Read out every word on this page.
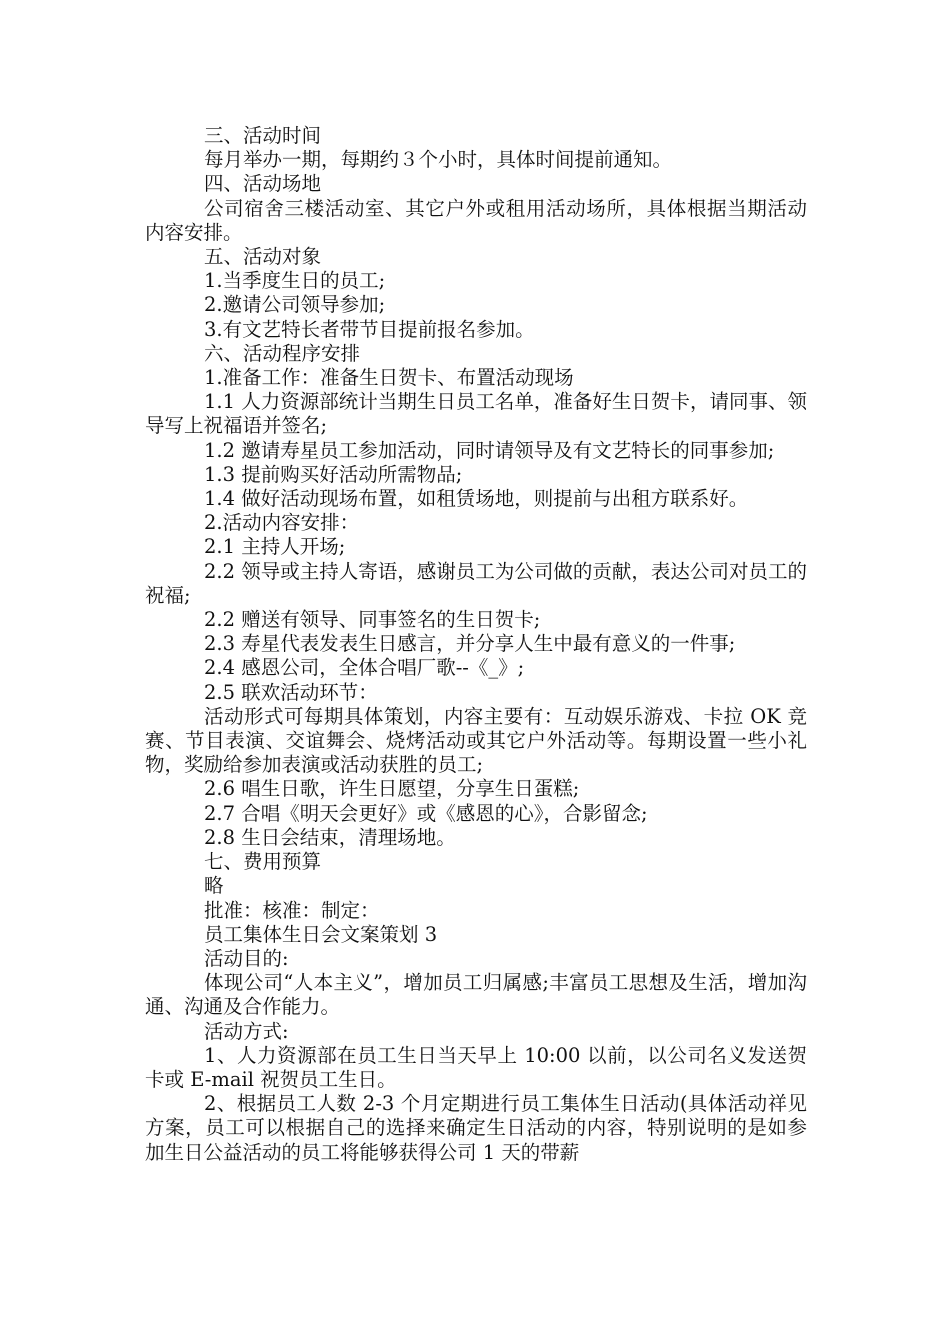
三、活动时间

每月举办一期，每期约３个小时，具体时间提前通知。

四、活动场地

公司宿舍三楼活动室、其它户外或租用活动场所，具体根据当期活动内容安排。

五、活动对象

1.当季度生日的员工;

2.邀请公司领导参加;

3.有文艺特长者带节目提前报名参加。

六、活动程序安排

1.准备工作：准备生日贺卡、布置活动现场

1.1 人力资源部统计当期生日员工名单，准备好生日贺卡，请同事、领导写上祝福语并签名;

1.2 邀请寿星员工参加活动，同时请领导及有文艺特长的同事参加;

1.3 提前购买好活动所需物品;

1.4 做好活动现场布置，如租赁场地，则提前与出租方联系好。

2.活动内容安排：

2.1 主持人开场;

2.2 领导或主持人寄语，感谢员工为公司做的贡献，表达公司对员工的祝福;

2.2 赠送有领导、同事签名的生日贺卡;

2.3 寿星代表发表生日感言，并分享人生中最有意义的一件事;

2.4 感恩公司，全体合唱厂歌--《_》;

2.5 联欢活动环节：

活动形式可每期具体策划，内容主要有：互动娱乐游戏、卡拉 OK 竞赛、节目表演、交谊舞会、烧烤活动或其它户外活动等。每期设置一些小礼物，奖励给参加表演或活动获胜的员工;

2.6 唱生日歌，许生日愿望，分享生日蛋糕;

2.7 合唱《明天会更好》或《感恩的心》，合影留念;

2.8 生日会结束，清理场地。

七、费用预算

略

批准：核准：制定：

员工集体生日会文案策划 3

活动目的:

体现公司“人本主义”，增加员工归属感;丰富员工思想及生活，增加沟通、沟通及合作能力。

活动方式:

1、人力资源部在员工生日当天早上 10:00 以前，以公司名义发送贺卡或 E-mail 祝贺员工生日。

2、根据员工人数 2-3 个月定期进行员工集体生日活动(具体活动祥见方案，员工可以根据自己的选择来确定生日活动的内容，特别说明的是如参加生日公益活动的员工将能够获得公司 1 天的带薪
